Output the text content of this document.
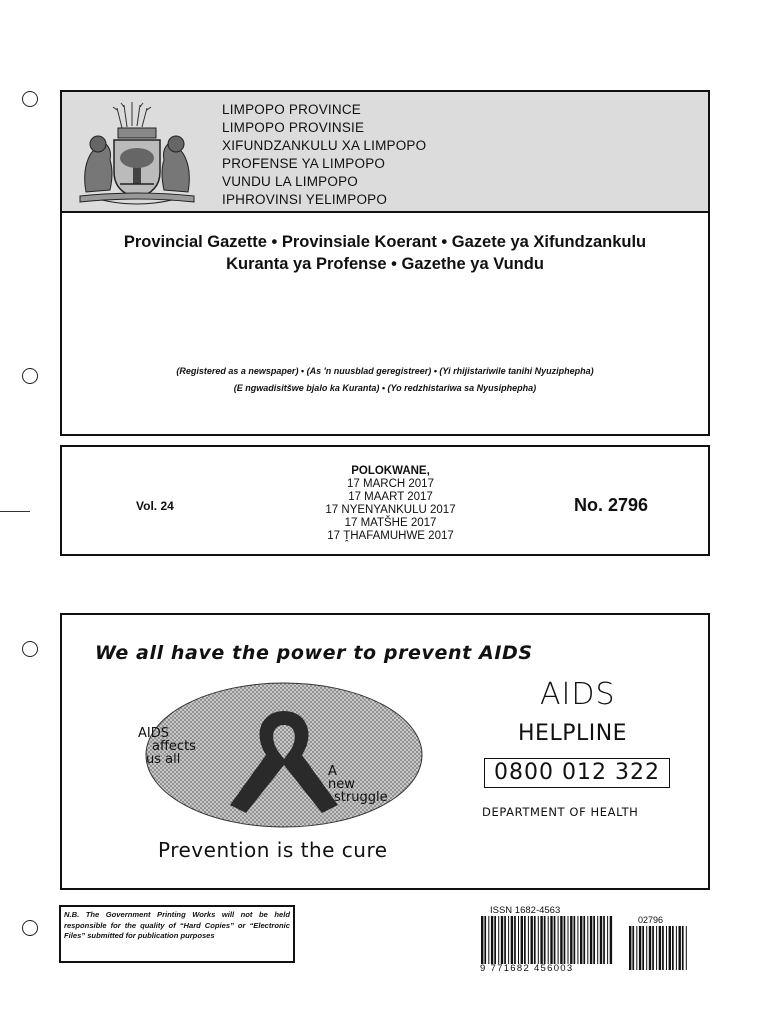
LIMPOPO PROVINCE
LIMPOPO PROVINSIE
XIFUNDZANKULU XA LIMPOPO
PROFENSE YA LIMPOPO
VUNDU LA LIMPOPO
IPHROVINSI YELIMPOPO
Provincial Gazette • Provinsiale Koerant • Gazete ya Xifundzankulu
Kuranta ya Profense • Gazethe ya Vundu
(Registered as a newspaper) • (As 'n nuusblad geregistreer) • (Yi rhijistariwile tanihi Nyuziphepha)
(E ngwadisitšwe bjalo ka Kuranta) • (Yo redzhistariwa sa Nyusiphepha)
Vol. 24
POLOKWANE,
17 MARCH 2017
17 MAART 2017
17 NYENYANKULU 2017
17 MATŠHE 2017
17 ṰHAFAMUHWE 2017
No. 2796
We all have the power to prevent AIDS
AIDS
affects
us all
A
new
struggle
Prevention is the cure
AIDS
HELPLINE
0800 012 322
DEPARTMENT OF HEALTH
N.B. The Government Printing Works will not be held responsible for the quality of “Hard Copies” or “Electronic Files” submitted for publication purposes
ISSN 1682-4563
9 771682 456003
02796
